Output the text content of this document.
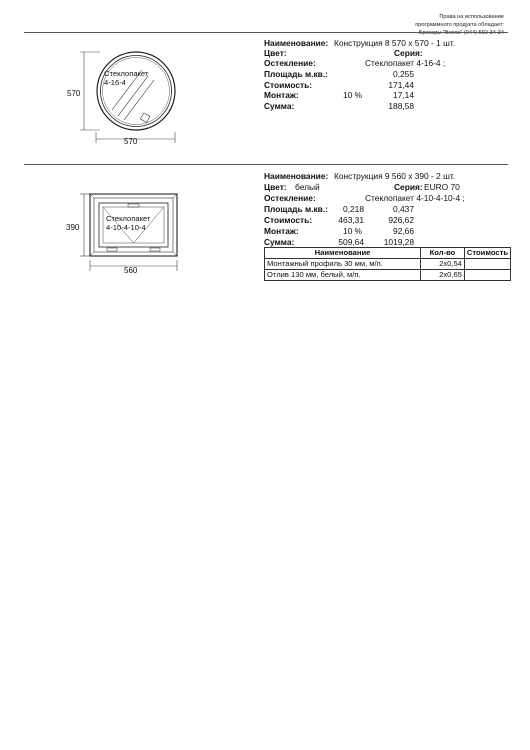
Права на использование
программного продукта обладает:
Брокары "Веста" (044) 592-34-34
Стеклопакет
4-16-4
570
570
Наименование: Конструкция 8 570 х 570 - 1 шт.
Цвет:	Серия:
Остекление:	Стеклопакет 4-16-4 ;
Площадь м.кв.:	0,255
Стоимость:	171,44
Монтаж:	10 %	17,14
Сумма:	188,58
Стеклопакет
4-10-4-10-4
390
560
Наименование: Конструкция 9 560 х 390 - 2 шт.
Цвет: белый	Серия: EURO 70
Остекление:	Стеклопакет 4-10-4-10-4 ;
Площадь м.кв.:	0,218	0,437
Стоимость:	463,31	926,62
Монтаж:	10 %	92,66
Сумма:	509,64	1019,28
Наименование	Кол-во	Стоимость
Монтажный профиль 30 мм, м/п.	2x0,54	
Отлив 130 мм, белый, м/п.	2x0,65	
